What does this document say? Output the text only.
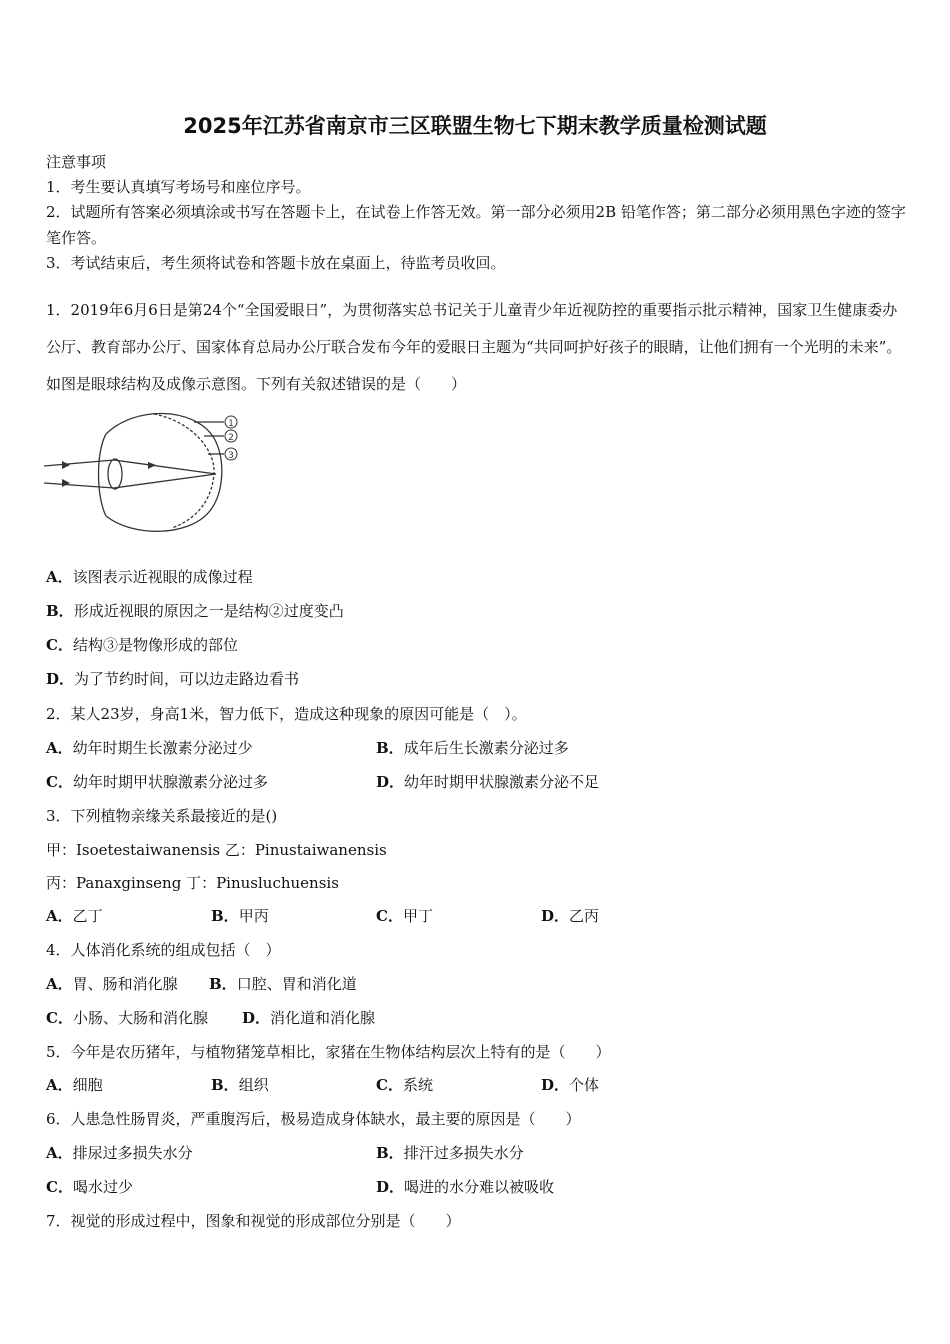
2025年江苏省南京市三区联盟生物七下期末教学质量检测试题
注意事项
1．考生要认真填写考场号和座位序号。
2．试题所有答案必须填涂或书写在答题卡上，在试卷上作答无效。第一部分必须用2B 铅笔作答；第二部分必须用黑色字迹的签字笔作答。
3．考试结束后，考生须将试卷和答题卡放在桌面上，待监考员收回。
1．2019年6月6日是第24个“全国爱眼日”，为贯彻落实总书记关于儿童青少年近视防控的重要指示批示精神，国家卫生健康委办公厅、教育部办公厅、国家体育总局办公厅联合发布今年的爱眼日主题为“共同呵护好孩子的眼睛，让他们拥有一个光明的未来”。如图是眼球结构及成像示意图。下列有关叙述错误的是（　　）
1
2
3
A．该图表示近视眼的成像过程
B．形成近视眼的原因之一是结构②过度变凸
C．结构③是物像形成的部位
D．为了节约时间，可以边走路边看书
2．某人23岁，身高1米，智力低下，造成这种现象的原因可能是（　）。
A．幼年时期生长激素分泌过少	B．成年后生长激素分泌过多
C．幼年时期甲状腺激素分泌过多	D．幼年时期甲状腺激素分泌不足
3．下列植物亲缘关系最接近的是()
甲：Isoetestaiwanensis 乙：Pinustaiwanensis
丙：Panaxginseng 丁：Pinusluchuensis
A．乙丁	B．甲丙	C．甲丁	D．乙丙
4．人体消化系统的组成包括（　）
A．胃、肠和消化腺 B．口腔、胃和消化道
C．小肠、大肠和消化腺 D．消化道和消化腺
5．今年是农历猪年，与植物猪笼草相比，家猪在生物体结构层次上特有的是（　　）
A．细胞	B．组织	C．系统	D．个体
6．人患急性肠胃炎，严重腹泻后，极易造成身体缺水，最主要的原因是（　　）
A．排尿过多损失水分	B．排汗过多损失水分
C．喝水过少	D．喝进的水分难以被吸收
7．视觉的形成过程中，图象和视觉的形成部位分别是（　　）
